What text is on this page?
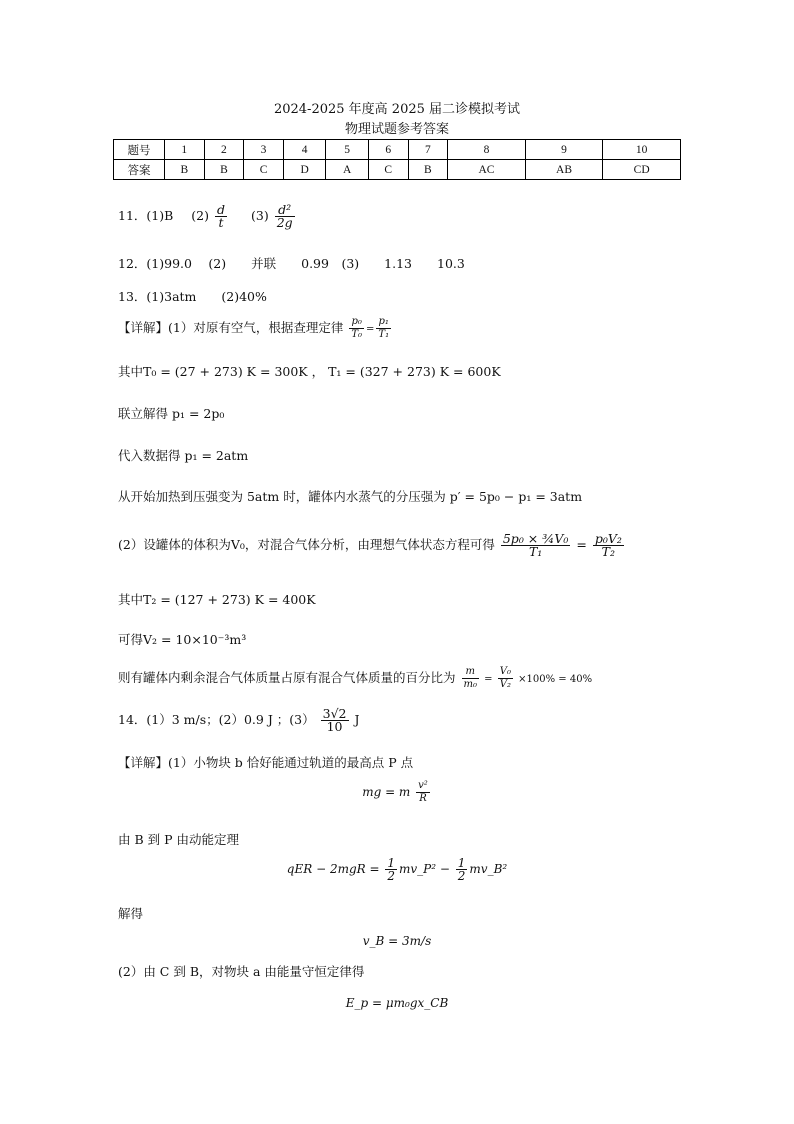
2024-2025 年度高 2025 届二诊模拟考试
物理试题参考答案
题号	1	2	3	4	5	6	7	8	9	10
答案	B	B	C	D	A	C	B	AC	AB	CD
11．(1)B $(2) \frac{d}{t} (3) \frac{\text{d²}}{2g}$
12．(1)99.0　 (2)　　并联　　0.99　(3)　　1.13　　10.3
13．(1)3atm　　(2)40%
【详解】(1）对原有空气，根据查理定律 $\frac{\text{p₀}}{\text{T₀}} = \frac{\text{p₁}}{\text{T₁}}$
其中T₀ = (27 + 273) K = 300K ， T₁ = (327 + 273) K = 600K
联立解得 p₁ = 2p₀
代入数据得 p₁ = 2atm
从开始加热到压强变为 5atm 时，罐体内水蒸气的分压强为 p′ = 5p₀ − p₁ = 3atm
(2）设罐体的体积为V₀，对混合气体分析，由理想气体状态方程可得 $\frac{\text{5p₀ × ¾V₀}}{\text{T₁}} = \frac{\text{p₀V₂}}{\text{T₂}}$
其中T₂ = (127 + 273) K = 400K
可得V₂ = 10×10⁻³m³
则有罐体内剩余混合气体质量占原有混合气体质量的百分比为 $\frac{m}{\text{m₀}} = \frac{\text{V₀}}{\text{V₂}} \times 100\% = 40\%$
14．(1）3 m/s；(2）0.9 J ；$(3) \frac{3√2}{10}$ J
【详解】(1）小物块 b 恰好能通过轨道的最高点 P 点
mg = m $\frac{\text{v²}}{R}$
由 B 到 P 由动能定理
qER − $2mgR = \frac{1}{2}$ mv_P² − $\frac{1}{2}$ mv_B²
解得
v_B = 3m/s
(2）由 C 到 B，对物块 a 由能量守恒定律得
E_p = μm₀gx_CB
